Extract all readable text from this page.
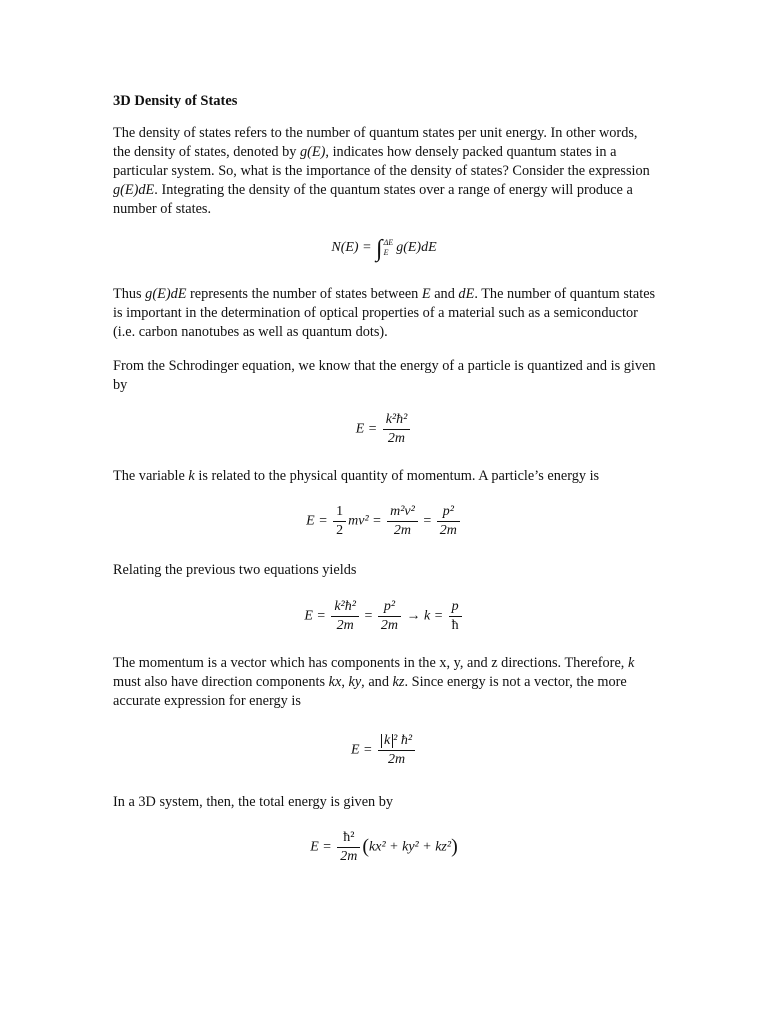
3D Density of States

The density of states refers to the number of quantum states per unit energy. In other words, the density of states, denoted by g(E), indicates how densely packed quantum states in a particular system. So, what is the importance of the density of states? Consider the expression g(E)dE. Integrating the density of the quantum states over a range of energy will produce a number of states.

N(E) = ∫ ΔE
E g(E)dE

Thus g(E)dE represents the number of states between E and dE. The number of quantum states is important in the determination of optical properties of a material such as a semiconductor (i.e. carbon nanotubes as well as quantum dots).

From the Schrodinger equation, we know that the energy of a particle is quantized and is given by

$E = \frac{\text{k²ħ²}}{2m}$

The variable k is related to the physical quantity of momentum. A particle’s energy is

$E = \frac{1}{2} mv^2 = \frac{\text{m²v²}}{2m} = \frac{\text{p²}}{2m}$

Relating the previous two equations yields

$E = \frac{\text{k²ħ²}}{2m} = \frac{\text{p²}}{2m} \to k = \frac{p}{ħ}$

The momentum is a vector which has components in the x, y, and z directions. Therefore, k must also have direction components kx, ky, and kz. Since energy is not a vector, the more accurate expression for energy is

$E = \frac{\text{k ² ħ²}}{2m}$

In a 3D system, then, the total energy is given by

$E = \frac{\text{ħ²}}{2m} (kx^2 + ky^2 + kz^2)$
